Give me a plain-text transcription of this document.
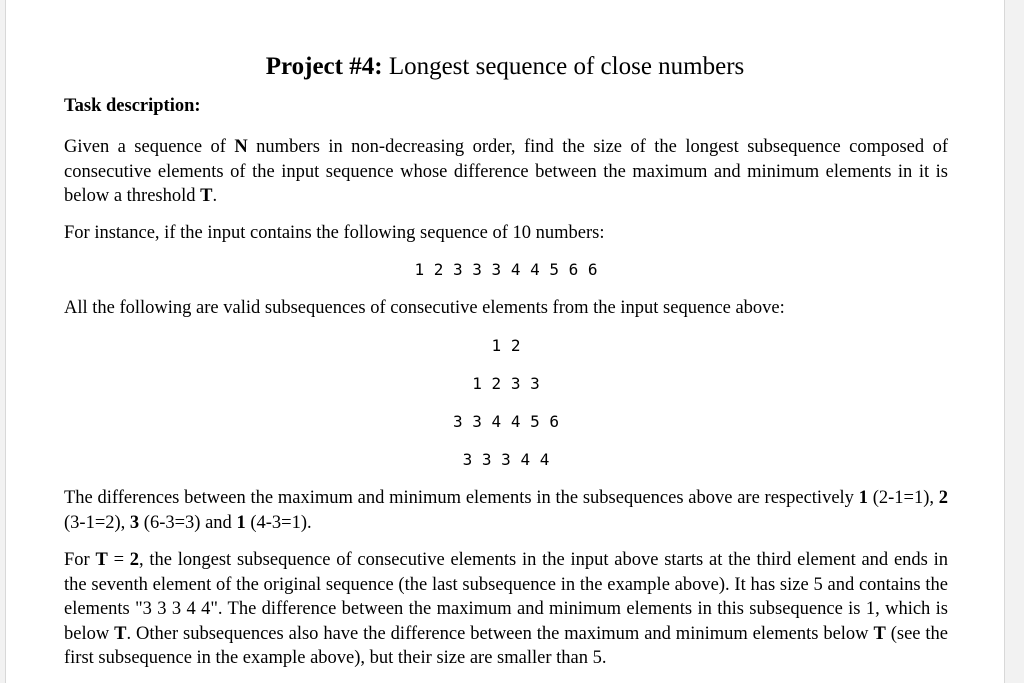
Project #4: Longest sequence of close numbers
Task description:

Given a sequence of N numbers in non-decreasing order, find the size of the longest subsequence composed of consecutive elements of the input sequence whose difference between the maximum and minimum elements in it is below a threshold T.

For instance, if the input contains the following sequence of 10 numbers:

1 2 3 3 3 4 4 5 6 6

All the following are valid subsequences of consecutive elements from the input sequence above:

1 2
1 2 3 3
3 3 4 4 5 6
3 3 3 4 4

The differences between the maximum and minimum elements in the subsequences above are respectively 1 (2-1=1), 2 (3-1=2), 3 (6-3=3) and 1 (4-3=1).

For T = 2, the longest subsequence of consecutive elements in the input above starts at the third element and ends in the seventh element of the original sequence (the last subsequence in the example above). It has size 5 and contains the elements "3 3 3 4 4". The difference between the maximum and minimum elements in this subsequence is 1, which is below T. Other subsequences also have the difference between the maximum and minimum elements below T (see the first subsequence in the example above), but their size are smaller than 5.
